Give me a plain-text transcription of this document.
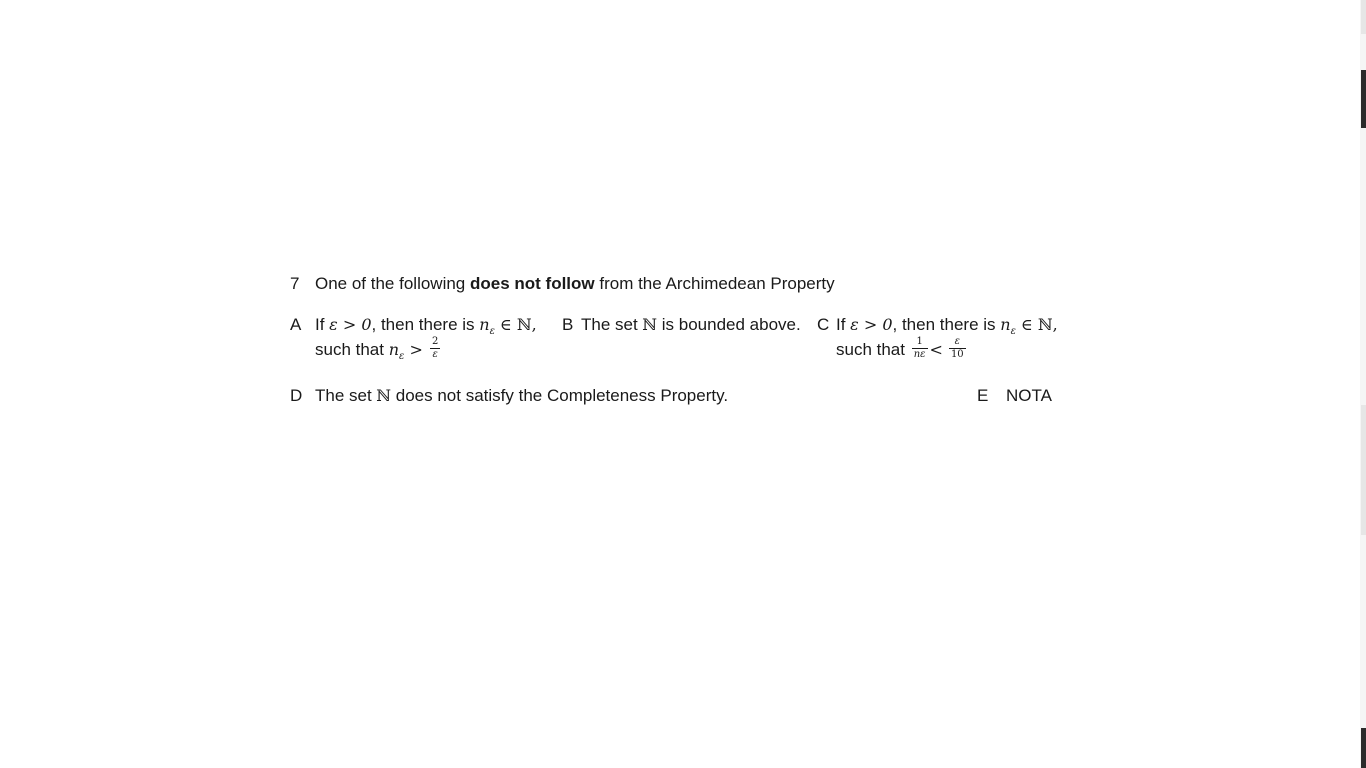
7 One of the following does not follow from the Archimedean Property
A If ε > 0, then there is $n_\varepsilon$ ∈ ℕ,
such that $n_\varepsilon > \frac{2}{\varepsilon}$
B The set ℕ is bounded above. C If ε > 0, then there is $n_\varepsilon$ ∈ ℕ,
such that $\frac{1}{n\varepsilon} < \frac{\varepsilon}{10}$
D The set ℕ does not satisfy the Completeness Property.	E NOTA
